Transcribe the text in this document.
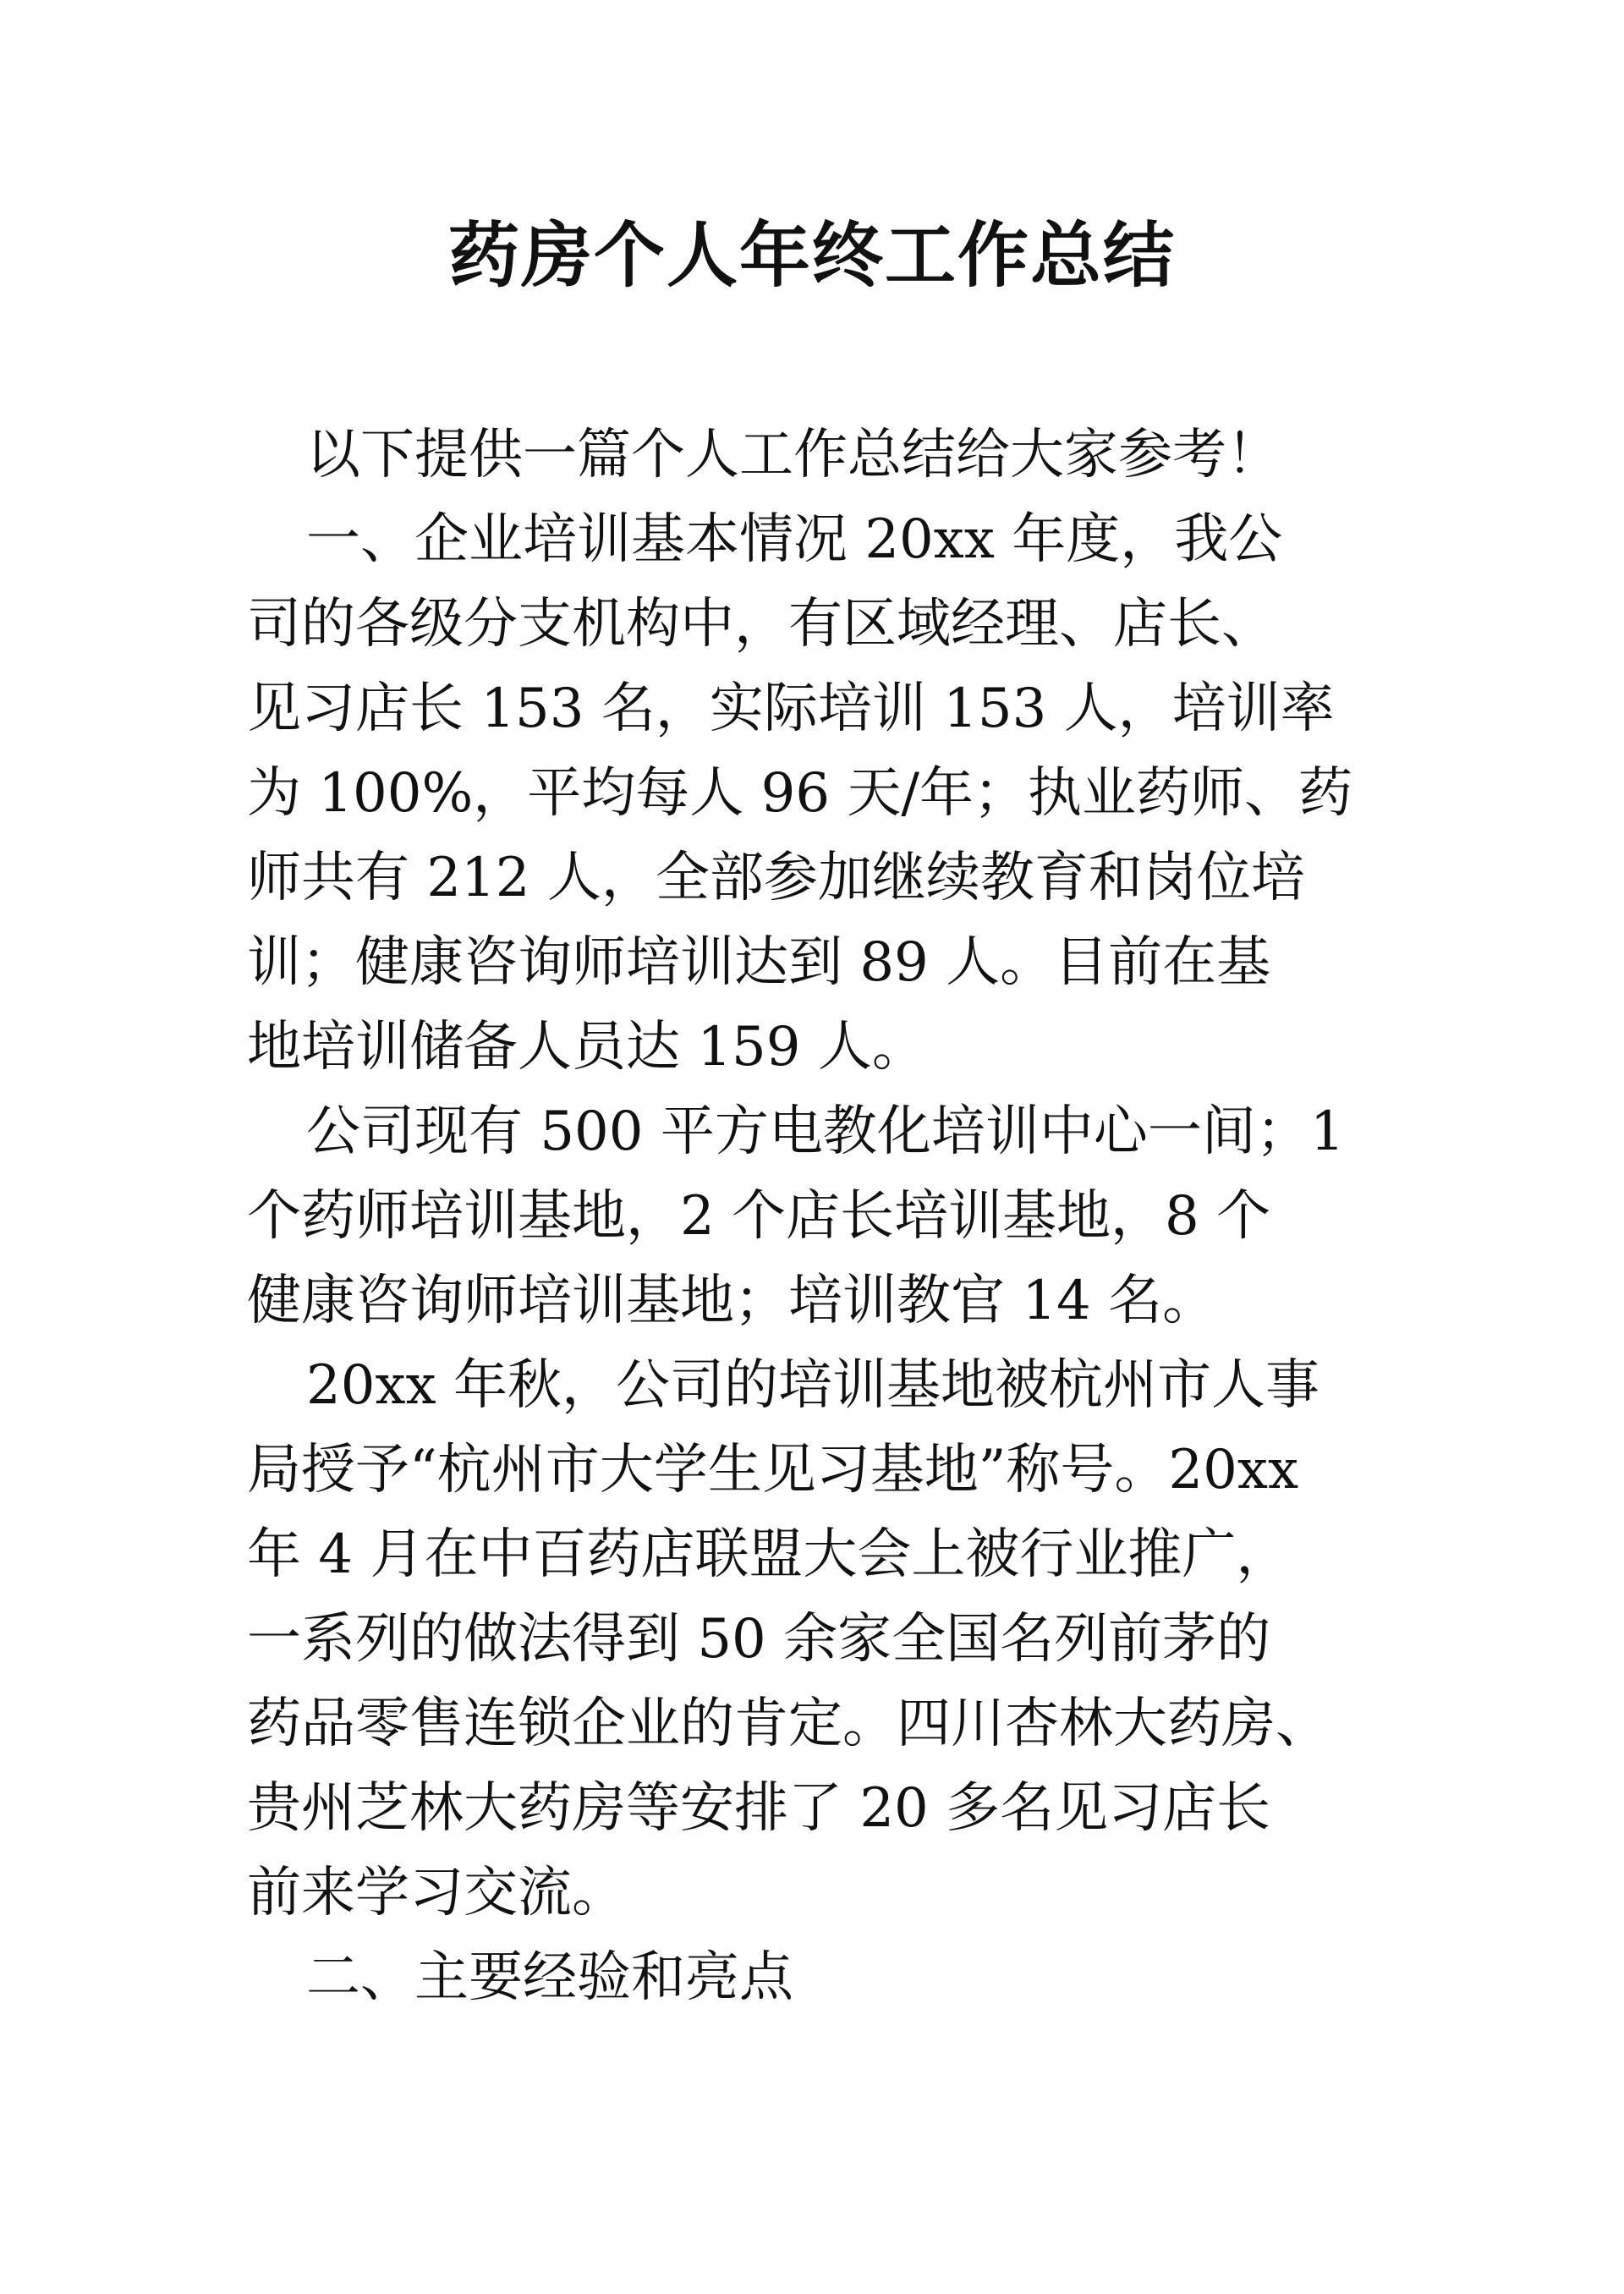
药房个人年终工作总结
以下提供一篇个人工作总结给大家参考！
一、企业培训基本情况 20xx 年度，我公
司的各级分支机构中，有区域经理、店长、
见习店长 153 名，实际培训 153 人，培训率
为 100%，平均每人 96 天/年；执业药师、药
师共有 212 人，全部参加继续教育和岗位培
训；健康咨询师培训达到 89 人。目前在基
地培训储备人员达 159 人。
公司现有 500 平方电教化培训中心一间；1
个药师培训基地，2 个店长培训基地，8 个
健康咨询师培训基地；培训教官 14 名。
20xx 年秋，公司的培训基地被杭州市人事
局授予“杭州市大学生见习基地”称号。20xx
年 4 月在中百药店联盟大会上被行业推广，
一系列的做法得到 50 余家全国名列前茅的
药品零售连锁企业的肯定。四川杏林大药房、
贵州芝林大药房等安排了 20 多名见习店长
前来学习交流。
二、主要经验和亮点
